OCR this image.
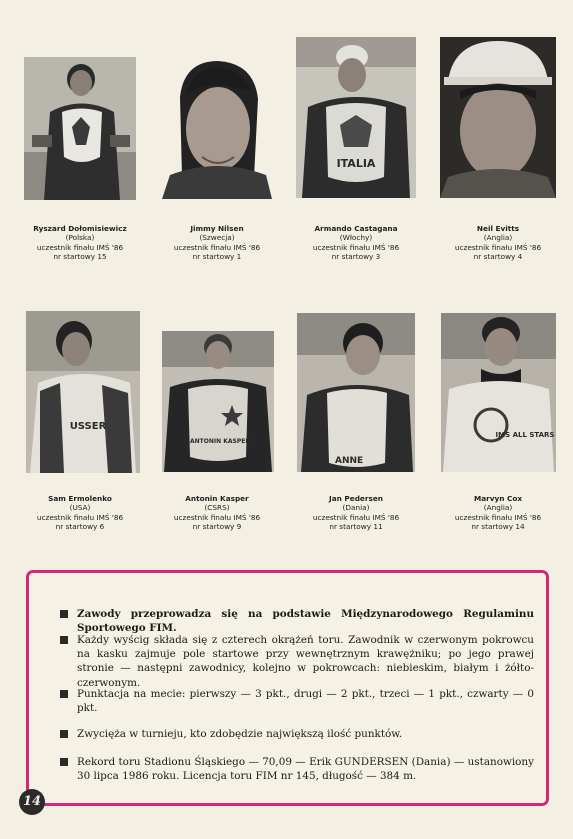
Ryszard Dołomisiewicz
(Polska)
uczestnik finału IMŚ '86
nr startowy 15
Jimmy Nilsen
(Szwecja)
uczestnik finału IMŚ '86
nr startowy 1
ITALIA
Armando Castagana
(Włochy)
uczestnik finału IMŚ '86
nr startowy 3
Neil Evitts
(Anglia)
uczestnik finału IMŚ '86
nr startowy 4
USSER
Sam Ermolenko
(USA)
uczestnik finału IMŚ '86
nr startowy 6
ANTONIN KASPER
Antonin Kasper
(CSRS)
uczestnik finału IMŚ '86
nr startowy 9
ANNE
Jan Pedersen
(Dania)
uczestnik finału IMŚ '86
nr startowy 11
IMS ALL STARS
Marvyn Cox
(Anglia)
uczestnik finału IMŚ '86
nr startowy 14
Zawody przeprowadza się na podstawie Międzynarodowego Regulaminu Sportowego FIM.
Każdy wyścig składa się z czterech okrążeń toru. Zawodnik w czerwonym pokrowcu na kasku zajmuje pole startowe przy wewnętrznym krawężniku; po jego prawej stronie — następni zawodnicy, kolejno w pokrowcach: niebieskim, białym i żółto-czerwonym.
Punktacja na mecie: pierwszy — 3 pkt., drugi — 2 pkt., trzeci — 1 pkt., czwarty — 0 pkt.
Zwycięża w turnieju, kto zdobędzie największą ilość punktów.
Rekord toru Stadionu Śląskiego — 70,09 — Erik GUNDERSEN (Dania) — ustanowiony 30 lipca 1986 roku. Licencja toru FIM nr 145, długość — 384 m.
14
